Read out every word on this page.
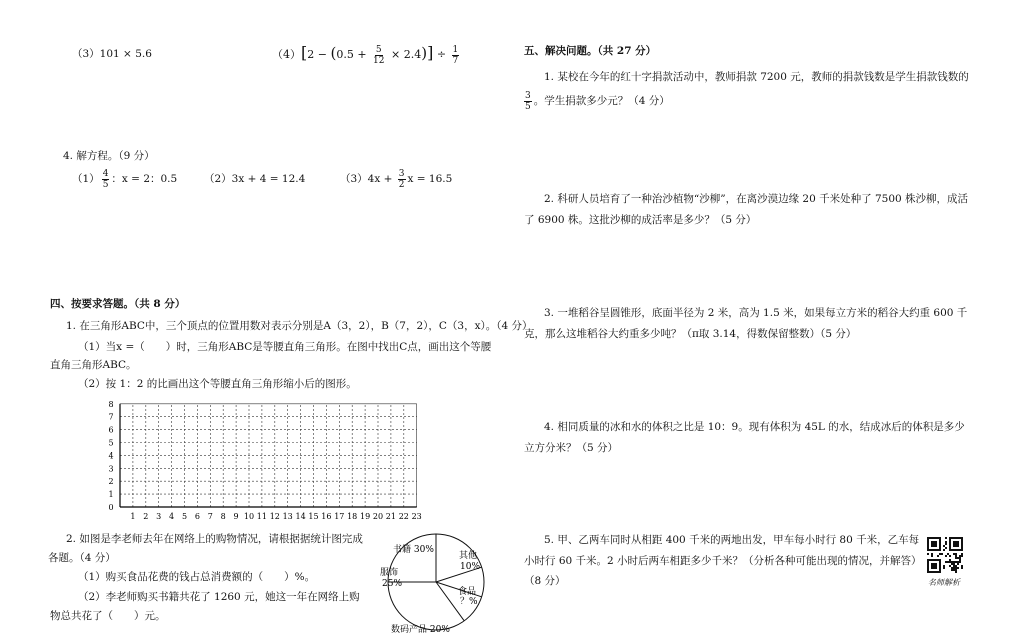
（3）101 × 5.6	$(4)[2 - (0.5 + \frac{5}{12} \times 2.4)] \div \frac{1}{7}$
4. 解方程。（9 分）
$(1) \frac{4}{5}$ ：x = 2：0.5	（2）3x + 4 = 12.4	$(3)4x + \frac{3}{2}$ x = 16.5
四、按要求答题。（共 8 分）
1. 在三角形ABC中，三个顶点的位置用数对表示分别是A（3，2），B（7，2），C（3，x）。（4 分）
（1）当x =（　　）时，三角形ABC是等腰直角三角形。在图中找出C点，画出这个等腰
直角三角形ABC。
（2）按 1：2 的比画出这个等腰直角三角形缩小后的图形。
8
7
6
5
4
3
2
1
0
1 2 3 4 5 6 7 8 9 10 11 12 13 14 15 16 17 18 19 20 21 22 23
2. 如图是李老师去年在网络上的购物情况，请根据据统计图完成
各题。（4 分）
（1）购买食品花费的钱占总消费额的（　　）%。
（2）李老师购买书籍共花了 1260 元，她这一年在网络上购
物总共花了（　　）元。
书籍 30%
服饰
25%
其他
10%
食品
？%
数码产品 20%
五、解决问题。（共 27 分）
1. 某校在今年的红十字捐款活动中，教师捐款 7200 元，教师的捐款钱数是学生捐款钱数的
$\frac{3}{5}$ 。学生捐款多少元？（4 分）
2. 科研人员培育了一种治沙植物“沙柳”，在离沙漠边缘 20 千米处种了 7500 株沙柳，成活
了 6900 株。这批沙柳的成活率是多少？（5 分）
3. 一堆稻谷呈圆锥形，底面半径为 2 米，高为 1.5 米，如果每立方米的稻谷大约重 600 千
克，那么这堆稻谷大约重多少吨？（π取 3.14，得数保留整数）（5 分）
4. 相同质量的冰和水的体积之比是 10：9。现有体积为 45L 的水，结成冰后的体积是多少
立方分米？（5 分）
5. 甲、乙两车同时从相距 400 千米的两地出发，甲车每小时行 80 千米，乙车每
小时行 60 千米。2 小时后两车相距多少千米？（分析各种可能出现的情况，并解答）
（8 分）	名师解析
